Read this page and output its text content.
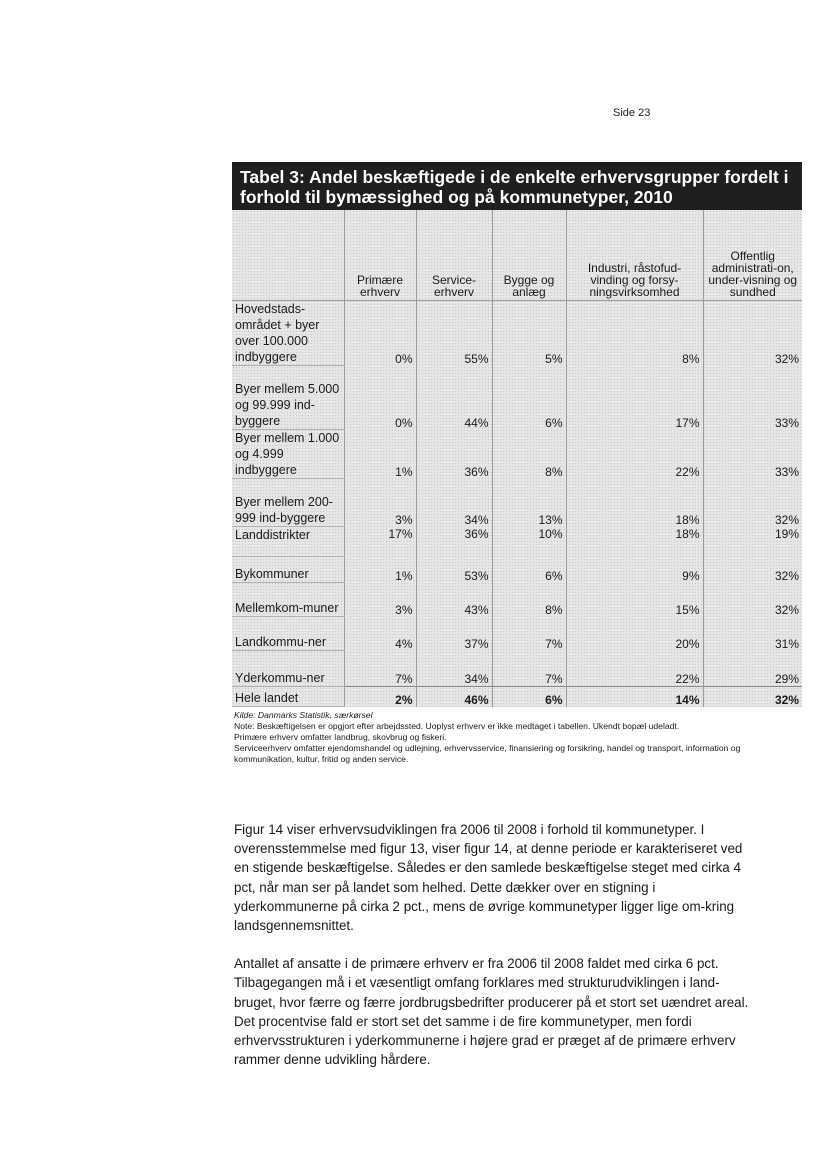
Side 23
Tabel 3: Andel beskæftigede i de enkelte erhvervsgrupper fordelt i forhold til bymæssighed og på kommunetyper, 2010
	Primære erhverv	Service-erhverv	Bygge og anlæg	Industri, råstofud-vinding og forsy-ningsvirksomhed	Offentlig administrati-on, under-visning og sundhed
Hovedstads-området + byer over 100.000 indbyggere	0%	55%	5%	8%	32%
Byer mellem 5.000 og 99.999 ind-byggere	0%	44%	6%	17%	33%
Byer mellem 1.000 og 4.999 indbyggere	1%	36%	8%	22%	33%
Byer mellem 200-999 ind-byggere	3%	34%	13%	18%	32%
Landdistrikter	17%	36%	10%	18%	19%
Bykommuner	1%	53%	6%	9%	32%
Mellemkom-muner	3%	43%	8%	15%	32%
Landkommu-ner	4%	37%	7%	20%	31%
Yderkommu-ner	7%	34%	7%	22%	29%
Hele landet	2%	46%	6%	14%	32%

Kilde: Danmarks Statistik, særkørsel

Note: Beskæftigelsen er opgjort efter arbejdssted. Uoplyst erhverv er ikke medtaget i tabellen. Ukendt bopæl udeladt.

Primære erhverv omfatter landbrug, skovbrug og fiskeri.

Serviceerhverv omfatter ejendomshandel og udlejning, erhvervsservice, finansiering og forsikring, handel og transport, information og kommunikation, kultur, fritid og anden service.

Figur 14 viser erhvervsudviklingen fra 2006 til 2008 i forhold til kommunetyper. I overensstemmelse med figur 13, viser figur 14, at denne periode er karakteriseret ved en stigende beskæftigelse. Således er den samlede beskæftigelse steget med cirka 4 pct, når man ser på landet som helhed. Dette dækker over en stigning i yderkommunerne på cirka 2 pct., mens de øvrige kommunetyper ligger lige om-kring landsgennemsnittet.

Antallet af ansatte i de primære erhverv er fra 2006 til 2008 faldet med cirka 6 pct. Tilbagegangen må i et væsentligt omfang forklares med strukturudviklingen i land-bruget, hvor færre og færre jordbrugsbedrifter producerer på et stort set uændret areal. Det procentvise fald er stort set det samme i de fire kommunetyper, men fordi erhvervsstrukturen i yderkommunerne i højere grad er præget af de primære erhverv rammer denne udvikling hårdere.
